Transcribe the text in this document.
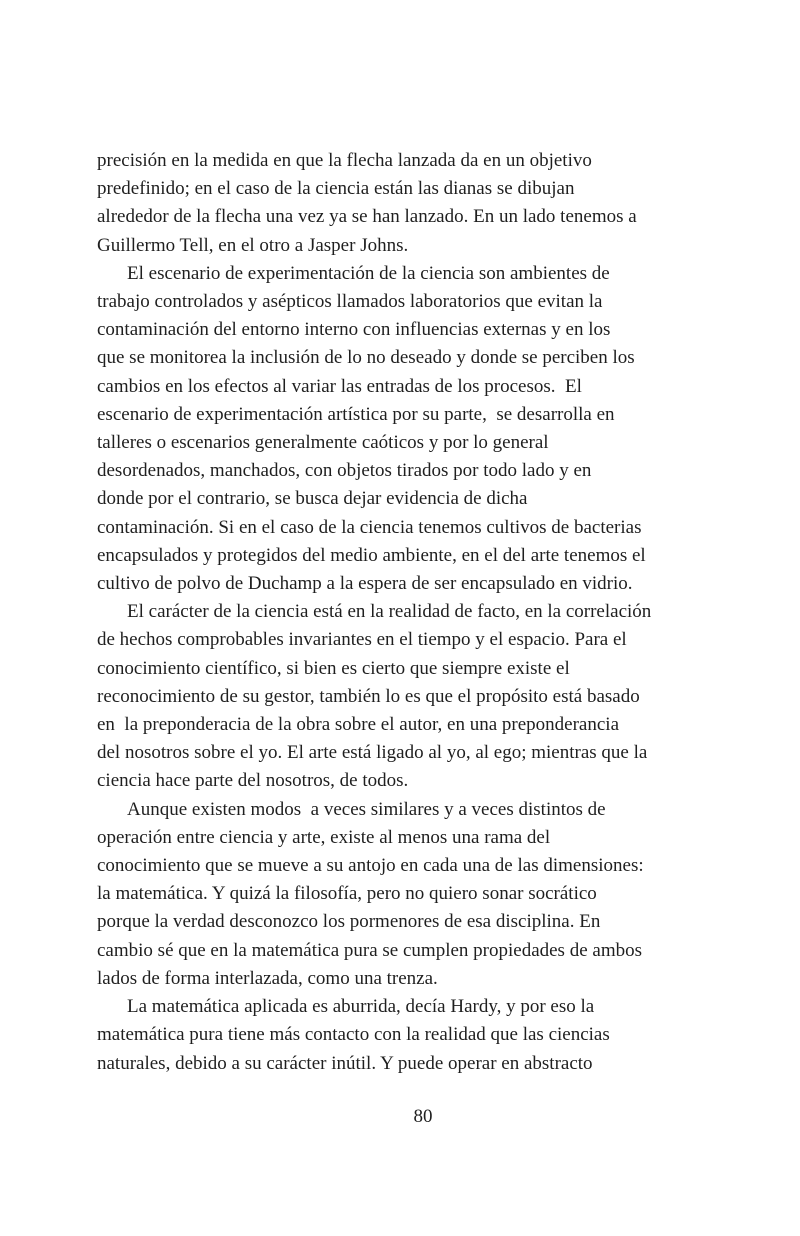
precisión en la medida en que la flecha lanzada da en un objetivo
predefinido; en el caso de la ciencia están las dianas se dibujan
alrededor de la flecha una vez ya se han lanzado. En un lado tenemos a
Guillermo Tell, en el otro a Jasper Johns.
El escenario de experimentación de la ciencia son ambientes de
trabajo controlados y asépticos llamados laboratorios que evitan la
contaminación del entorno interno con influencias externas y en los
que se monitorea la inclusión de lo no deseado y donde se perciben los
cambios en los efectos al variar las entradas de los procesos.  El
escenario de experimentación artística por su parte,  se desarrolla en
talleres o escenarios generalmente caóticos y por lo general
desordenados, manchados, con objetos tirados por todo lado y en
donde por el contrario, se busca dejar evidencia de dicha
contaminación. Si en el caso de la ciencia tenemos cultivos de bacterias
encapsulados y protegidos del medio ambiente, en el del arte tenemos el
cultivo de polvo de Duchamp a la espera de ser encapsulado en vidrio.
El carácter de la ciencia está en la realidad de facto, en la correlación
de hechos comprobables invariantes en el tiempo y el espacio. Para el
conocimiento científico, si bien es cierto que siempre existe el
reconocimiento de su gestor, también lo es que el propósito está basado
en  la preponderacia de la obra sobre el autor, en una preponderancia
del nosotros sobre el yo. El arte está ligado al yo, al ego; mientras que la
ciencia hace parte del nosotros, de todos.
Aunque existen modos  a veces similares y a veces distintos de
operación entre ciencia y arte, existe al menos una rama del
conocimiento que se mueve a su antojo en cada una de las dimensiones:
la matemática. Y quizá la filosofía, pero no quiero sonar socrático
porque la verdad desconozco los pormenores de esa disciplina. En
cambio sé que en la matemática pura se cumplen propiedades de ambos
lados de forma interlazada, como una trenza.
La matemática aplicada es aburrida, decía Hardy, y por eso la
matemática pura tiene más contacto con la realidad que las ciencias
naturales, debido a su carácter inútil. Y puede operar en abstracto
80
